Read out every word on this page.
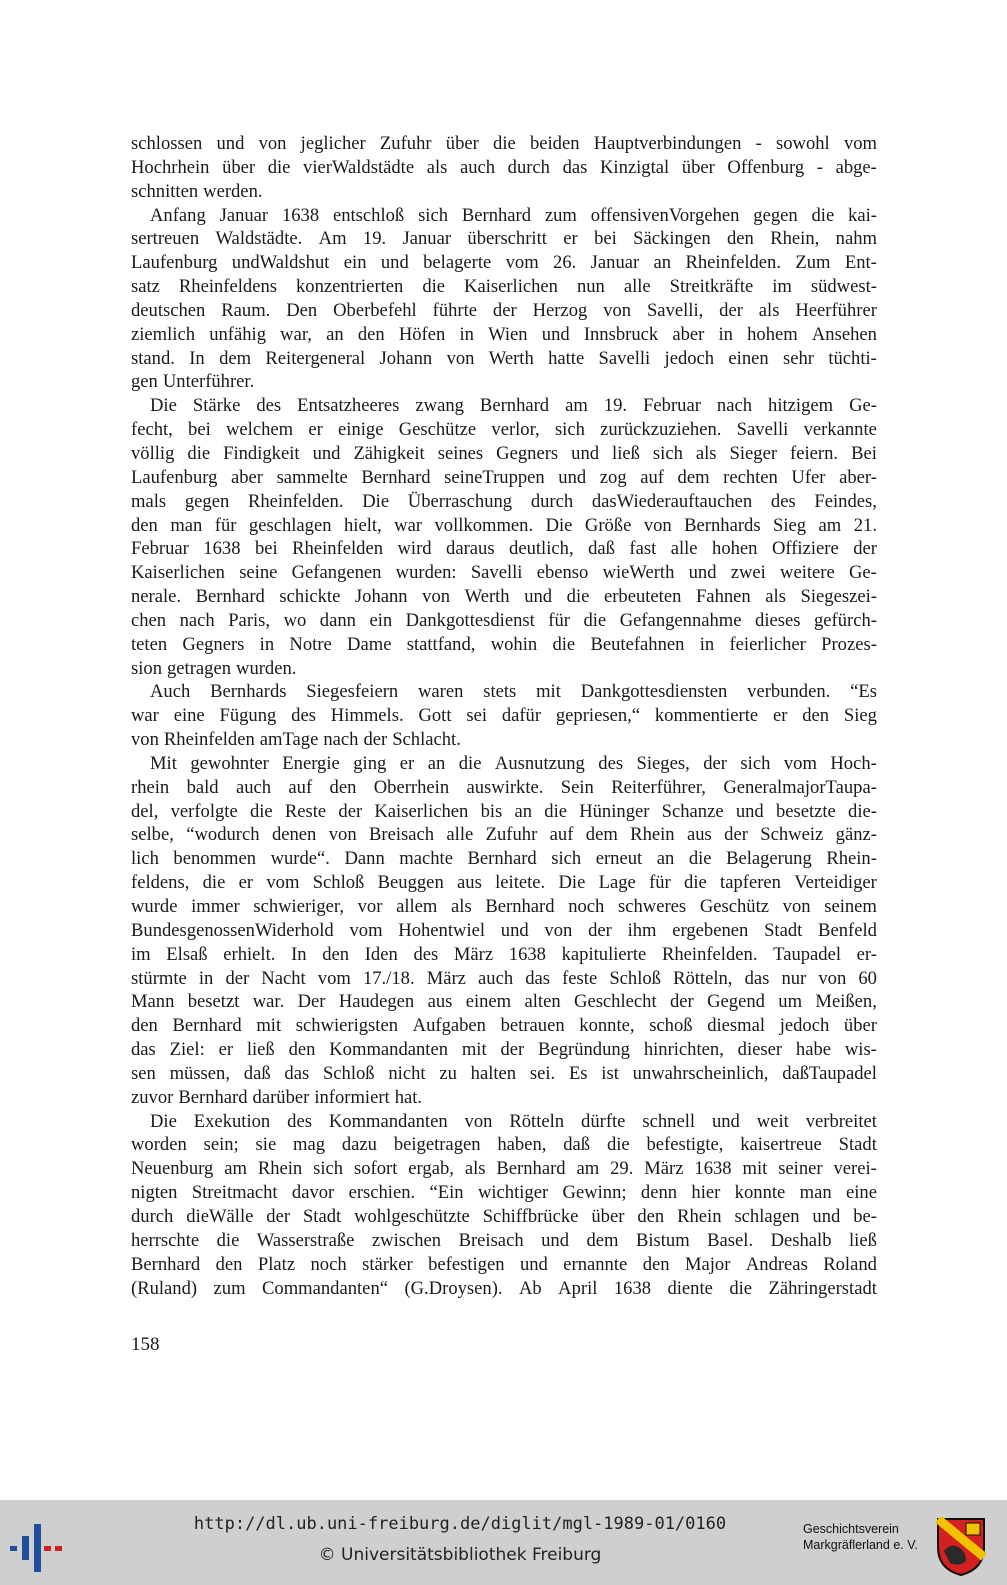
schlossen und von jeglicher Zufuhr über die beiden Hauptverbindungen - sowohl vom
Hochrhein über die vierWaldstädte als auch durch das Kinzigtal über Offenburg - abge-
schnitten werden.
Anfang Januar 1638 entschloß sich Bernhard zum offensivenVorgehen gegen die kai-
sertreuen Waldstädte. Am 19. Januar überschritt er bei Säckingen den Rhein, nahm
Laufenburg undWaldshut ein und belagerte vom 26. Januar an Rheinfelden. Zum Ent-
satz Rheinfeldens konzentrierten die Kaiserlichen nun alle Streitkräfte im südwest-
deutschen Raum. Den Oberbefehl führte der Herzog von Savelli, der als Heerführer
ziemlich unfähig war, an den Höfen in Wien und Innsbruck aber in hohem Ansehen
stand. In dem Reitergeneral Johann von Werth hatte Savelli jedoch einen sehr tüchti-
gen Unterführer.
Die Stärke des Entsatzheeres zwang Bernhard am 19. Februar nach hitzigem Ge-
fecht, bei welchem er einige Geschütze verlor, sich zurückzuziehen. Savelli verkannte
völlig die Findigkeit und Zähigkeit seines Gegners und ließ sich als Sieger feiern. Bei
Laufenburg aber sammelte Bernhard seineTruppen und zog auf dem rechten Ufer aber-
mals gegen Rheinfelden. Die Überraschung durch dasWiederauftauchen des Feindes,
den man für geschlagen hielt, war vollkommen. Die Größe von Bernhards Sieg am 21.
Februar 1638 bei Rheinfelden wird daraus deutlich, daß fast alle hohen Offiziere der
Kaiserlichen seine Gefangenen wurden: Savelli ebenso wieWerth und zwei weitere Ge-
nerale. Bernhard schickte Johann von Werth und die erbeuteten Fahnen als Siegeszei-
chen nach Paris, wo dann ein Dankgottesdienst für die Gefangennahme dieses gefürch-
teten Gegners in Notre Dame stattfand, wohin die Beutefahnen in feierlicher Prozes-
sion getragen wurden.
Auch Bernhards Siegesfeiern waren stets mit Dankgottesdiensten verbunden. “Es
war eine Fügung des Himmels. Gott sei dafür gepriesen,“ kommentierte er den Sieg
von Rheinfelden amTage nach der Schlacht.
Mit gewohnter Energie ging er an die Ausnutzung des Sieges, der sich vom Hoch-
rhein bald auch auf den Oberrhein auswirkte. Sein Reiterführer, GeneralmajorTaupa-
del, verfolgte die Reste der Kaiserlichen bis an die Hüninger Schanze und besetzte die-
selbe, “wodurch denen von Breisach alle Zufuhr auf dem Rhein aus der Schweiz gänz-
lich benommen wurde“. Dann machte Bernhard sich erneut an die Belagerung Rhein-
feldens, die er vom Schloß Beuggen aus leitete. Die Lage für die tapferen Verteidiger
wurde immer schwieriger, vor allem als Bernhard noch schweres Geschütz von seinem
BundesgenossenWiderhold vom Hohentwiel und von der ihm ergebenen Stadt Benfeld
im Elsaß erhielt. In den Iden des März 1638 kapitulierte Rheinfelden. Taupadel er-
stürmte in der Nacht vom 17./18. März auch das feste Schloß Rötteln, das nur von 60
Mann besetzt war. Der Haudegen aus einem alten Geschlecht der Gegend um Meißen,
den Bernhard mit schwierigsten Aufgaben betrauen konnte, schoß diesmal jedoch über
das Ziel: er ließ den Kommandanten mit der Begründung hinrichten, dieser habe wis-
sen müssen, daß das Schloß nicht zu halten sei. Es ist unwahrscheinlich, daßTaupadel
zuvor Bernhard darüber informiert hat.
Die Exekution des Kommandanten von Rötteln dürfte schnell und weit verbreitet
worden sein; sie mag dazu beigetragen haben, daß die befestigte, kaisertreue Stadt
Neuenburg am Rhein sich sofort ergab, als Bernhard am 29. März 1638 mit seiner verei-
nigten Streitmacht davor erschien. “Ein wichtiger Gewinn; denn hier konnte man eine
durch dieWälle der Stadt wohlgeschützte Schiffbrücke über den Rhein schlagen und be-
herrschte die Wasserstraße zwischen Breisach und dem Bistum Basel. Deshalb ließ
Bernhard den Platz noch stärker befestigen und ernannte den Major Andreas Roland
(Ruland) zum Commandanten“ (G.Droysen). Ab April 1638 diente die Zähringerstadt
158
http://dl.ub.uni-freiburg.de/diglit/mgl-1989-01/0160
© Universitätsbibliothek Freiburg
Geschichtsverein
Markgräflerland e. V.
